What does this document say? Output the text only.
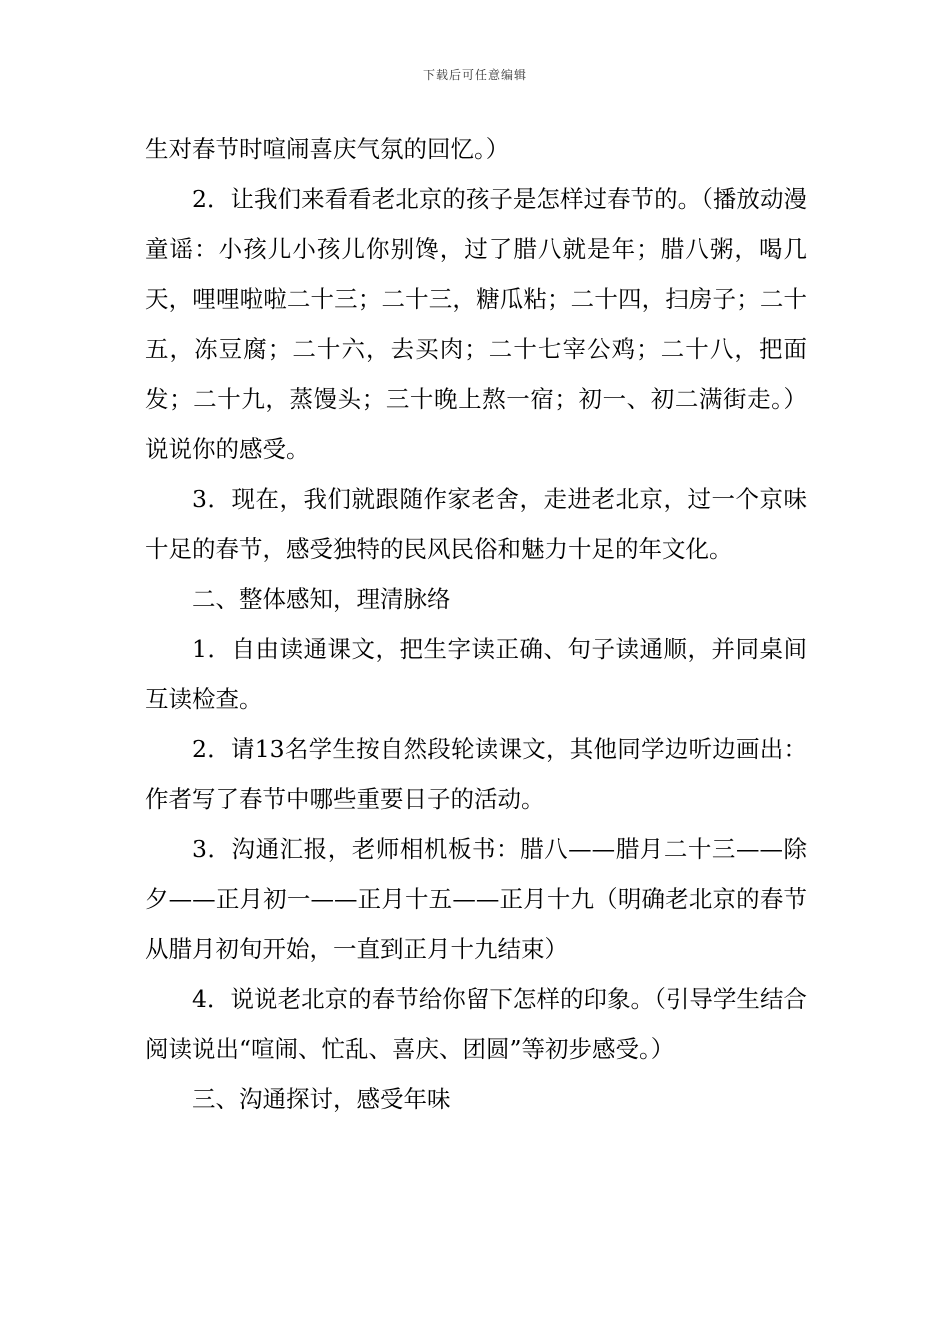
下载后可任意编辑

生对春节时喧闹喜庆气氛的回忆。）

2．让我们来看看老北京的孩子是怎样过春节的。（播放动漫童谣：小孩儿小孩儿你别馋，过了腊八就是年；腊八粥，喝几天，哩哩啦啦二十三；二十三，糖瓜粘；二十四，扫房子；二十五，冻豆腐；二十六，去买肉；二十七宰公鸡；二十八，把面发；二十九，蒸馒头；三十晚上熬一宿；初一、初二满街走。）说说你的感受。

3．现在，我们就跟随作家老舍，走进老北京，过一个京味十足的春节，感受独特的民风民俗和魅力十足的年文化。

二、整体感知，理清脉络

1．自由读通课文，把生字读正确、句子读通顺，并同桌间互读检查。

2．请13名学生按自然段轮读课文，其他同学边听边画出：作者写了春节中哪些重要日子的活动。

3．沟通汇报，老师相机板书：腊八——腊月二十三——除夕——正月初一——正月十五——正月十九（明确老北京的春节从腊月初旬开始，一直到正月十九结束）

4．说说老北京的春节给你留下怎样的印象。（引导学生结合阅读说出“喧闹、忙乱、喜庆、团圆”等初步感受。）

三、沟通探讨，感受年味
